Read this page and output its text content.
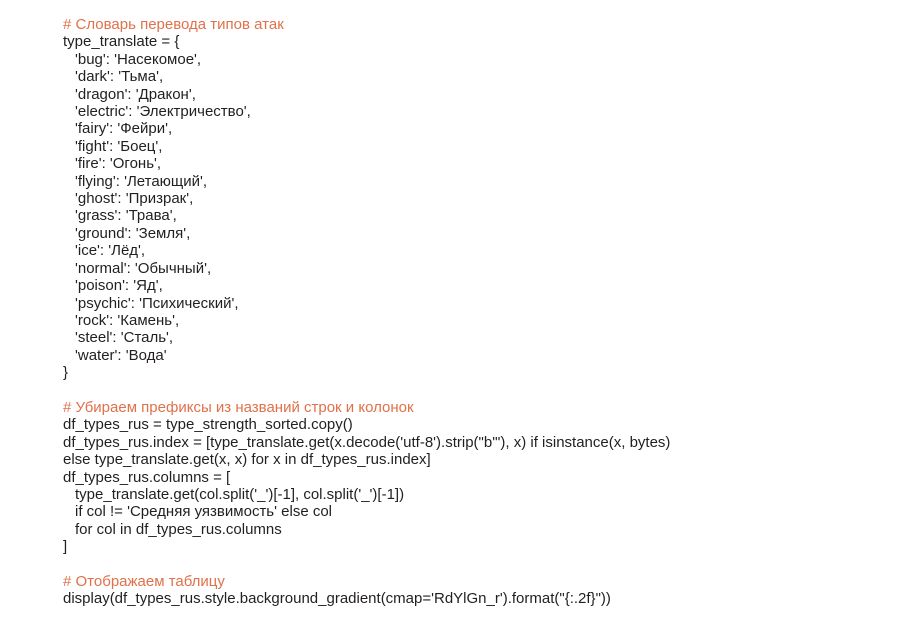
# Словарь перевода типов атак
type_translate = {
'bug': 'Насекомое',
'dark': 'Тьма',
'dragon': 'Дракон',
'electric': 'Электричество',
'fairy': 'Фейри',
'fight': 'Боец',
'fire': 'Огонь',
'flying': 'Летающий',
'ghost': 'Призрак',
'grass': 'Трава',
'ground': 'Земля',
'ice': 'Лёд',
'normal': 'Обычный',
'poison': 'Яд',
'psychic': 'Психический',
'rock': 'Камень',
'steel': 'Сталь',
'water': 'Вода'
}
# Убираем префиксы из названий строк и колонок
df_types_rus = type_strength_sorted.copy()
df_types_rus.index = [type_translate.get(x.decode('utf-8').strip("b'"), x) if isinstance(x, bytes)
else type_translate.get(x, x) for x in df_types_rus.index]
df_types_rus.columns = [
type_translate.get(col.split('_')[-1], col.split('_')[-1])
if col != 'Средняя уязвимость' else col
for col in df_types_rus.columns
]
# Отображаем таблицу
display(df_types_rus.style.background_gradient(cmap='RdYlGn_r').format("{:.2f}"))
